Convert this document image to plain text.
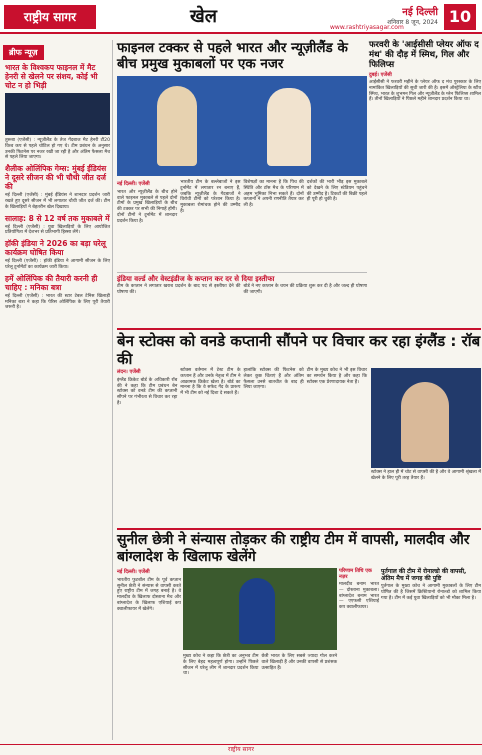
राष्ट्रीय सागर	खेल
www.rashtriyasagar.com
नई दिल्ली
शनिवार 8 जून, 2024 10
ब्रीफ न्यूज़
भारत के विश्वकप फाइनल में मैट हेनरी से खेलने पर संशय, कोई भी चोट न हो भिड़ी

तुरूबा (एजेंसी) : न्यूज़ीलैंड के तेज गेंदबाज मैट हेनरी टी20 विश्व कप से पहले चोटिल हो गए थे। टीम प्रबंधन के अनुसार उनकी फिटनेस पर नजर रखी जा रही है और अंतिम फैसला मैच से पहले लिया जाएगा।

शैलीक ओलिंपिक गेम्स: मुंबई ईंडियंस ने दूसरे सीजन की भी चौथी जीत दर्ज की

नई दिल्ली (एजेंसी) : मुंबई ईंडियंस ने शानदार प्रदर्शन जारी रखते हुए दूसरे सीजन में भी लगातार चौथी जीत दर्ज की। टीम के खिलाड़ियों ने बेहतरीन खेल दिखाया।

सालाह: 8 से 12 वर्ष तक मुकाबले में

नई दिल्ली (एजेंसी) : युवा खिलाड़ियों के लिए आयोजित प्रतियोगिता में देशभर से प्रतिभागी हिस्सा लेंगे।

हॉकी इंडिया ने 2026 का बड़ा घरेलू कार्यक्रम घोषित किया

नई दिल्ली (एजेंसी) : हॉकी इंडिया ने आगामी सीजन के लिए घरेलू टूर्नामेंटों का कार्यक्रम जारी किया।

हमें ओलिंपिक की तैयारी करनी ही चाहिए : मनिका बत्रा

नई दिल्ली (एजेंसी) : भारत की स्टार टेबल टेनिस खिलाड़ी मनिका बत्रा ने कहा कि पेरिस ओलिंपिक के लिए पूरी तैयारी जरूरी है।

फाइनल टक्कर से पहले भारत और न्यूज़ीलैंड के बीच प्रमुख मुकाबलों पर एक नजर
फरवरी के 'आईसीसी प्लेयर ऑफ द मंथ' की दौड़ में स्मिथ, गिल और फिलिप्स
दुबई। एजेंसी
आईसीसी ने फरवरी महीने के प्लेयर ऑफ द मंथ पुरस्कार के लिए नामांकित खिलाड़ियों की सूची जारी की है। इसमें ऑस्ट्रेलिया के स्टीव स्मिथ, भारत के शुभमन गिल और न्यूज़ीलैंड के ग्लेन फिलिप्स शामिल हैं। तीनों खिलाड़ियों ने पिछले महीने शानदार प्रदर्शन किया था।
नई दिल्ली। एजेंसी
भारत और न्यूज़ीलैंड के बीच होने वाले फाइनल मुकाबले से पहले दोनों टीमों के प्रमुख खिलाड़ियों के बीच की टक्कर पर सभी की निगाहें होंगी। दोनों टीमों ने टूर्नामेंट में शानदार प्रदर्शन किया है।
भारतीय टीम के बल्लेबाजों ने इस टूर्नामेंट में लगातार रन बनाए हैं, जबकि न्यूज़ीलैंड के गेंदबाजों ने विरोधी टीमों को परेशान किया है। मुकाबला रोमांचक होने की उम्मीद है।
विशेषज्ञों का मानना है कि पिच की स्थिति और टॉस मैच के परिणाम में अहम भूमिका निभा सकते हैं। दोनों कप्तानों ने अपनी रणनीति तैयार कर ली है।
दर्शकों की भारी भीड़ इस मुकाबले को देखने के लिए स्टेडियम पहुंचने की उम्मीद है। टिकटों की बिक्री पहले ही पूरी हो चुकी है।
इंडिया वर्ल्ड और वेस्टइंडीज के कप्तान कर दर से दिया इस्तीफा
टीम के कप्तान ने लगातार खराब प्रदर्शन के बाद पद से इस्तीफा देने की घोषणा की।
बोर्ड ने नए कप्तान के चयन की प्रक्रिया शुरू कर दी है और जल्द ही घोषणा की जाएगी।
बेन स्टोक्स को वनडे कप्तानी सौंपने पर विचार कर रहा इंग्लैंड : रॉब की
लंदन। एजेंसी
इंग्लैंड क्रिकेट बोर्ड के अधिकारी रॉब की ने कहा कि टीम प्रबंधन बेन स्टोक्स को वनडे टीम की कप्तानी सौंपने पर गंभीरता से विचार कर रहा है।
स्टोक्स वर्तमान में टेस्ट टीम के कप्तान हैं और उनके नेतृत्व में टीम ने आक्रामक क्रिकेट खेला है। बोर्ड का मानना है कि वे सफेद गेंद के प्रारूप में भी टीम को नई दिशा दे सकते हैं।
हालांकि स्टोक्स की फिटनेस को लेकर कुछ चिंताएं हैं और अंतिम फैसला उनसे बातचीत के बाद ही लिया जाएगा।
टीम के मुख्य कोच ने भी इस विचार का समर्थन किया है और कहा कि स्टोक्स एक प्रेरणादायक नेता हैं।
स्टोक्स ने हाल ही में चोट से वापसी की है और वे आगामी श्रृंखला में खेलने के लिए पूरी तरह तैयार हैं।
सुनील छेत्री ने संन्यास तोड़कर की राष्ट्रीय टीम में वापसी, मालदीव और बांग्लादेश के खिलाफ खेलेंगे
नई दिल्ली। एजेंसी
भारतीय फुटबॉल टीम के पूर्व कप्तान सुनील छेत्री ने संन्यास से वापसी करते हुए राष्ट्रीय टीम में जगह बनाई है। वे मालदीव के खिलाफ दोस्ताना मैच और बांग्लादेश के खिलाफ एशियाई कप क्वालीफायर में खेलेंगे।
मुख्य कोच ने कहा कि छेत्री का अनुभव टीम के लिए बेहद महत्वपूर्ण होगा। उन्होंने पिछले सीजन में घरेलू लीग में शानदार प्रदर्शन किया था।
छेत्री भारत के लिए सबसे ज्यादा गोल करने वाले खिलाड़ी हैं और उनकी वापसी से प्रशंसक उत्साहित हैं।
परिणाम तिथि एक नज़र
मालदीव बनाम भारत — दोस्ताना मुकाबला। बांग्लादेश बनाम भारत — एएफसी एशियाई कप क्वालीफायर।
पुर्तगाल की टीम में रोनाल्डो की वापसी, अंतिम मैच में जगह की पुष्टि
पुर्तगाल के मुख्य कोच ने आगामी मुकाबलों के लिए टीम घोषित की है जिसमें क्रिस्टियानो रोनाल्डो को शामिल किया गया है। टीम में कई युवा खिलाड़ियों को भी मौका मिला है।
राष्ट्रीय सागर
